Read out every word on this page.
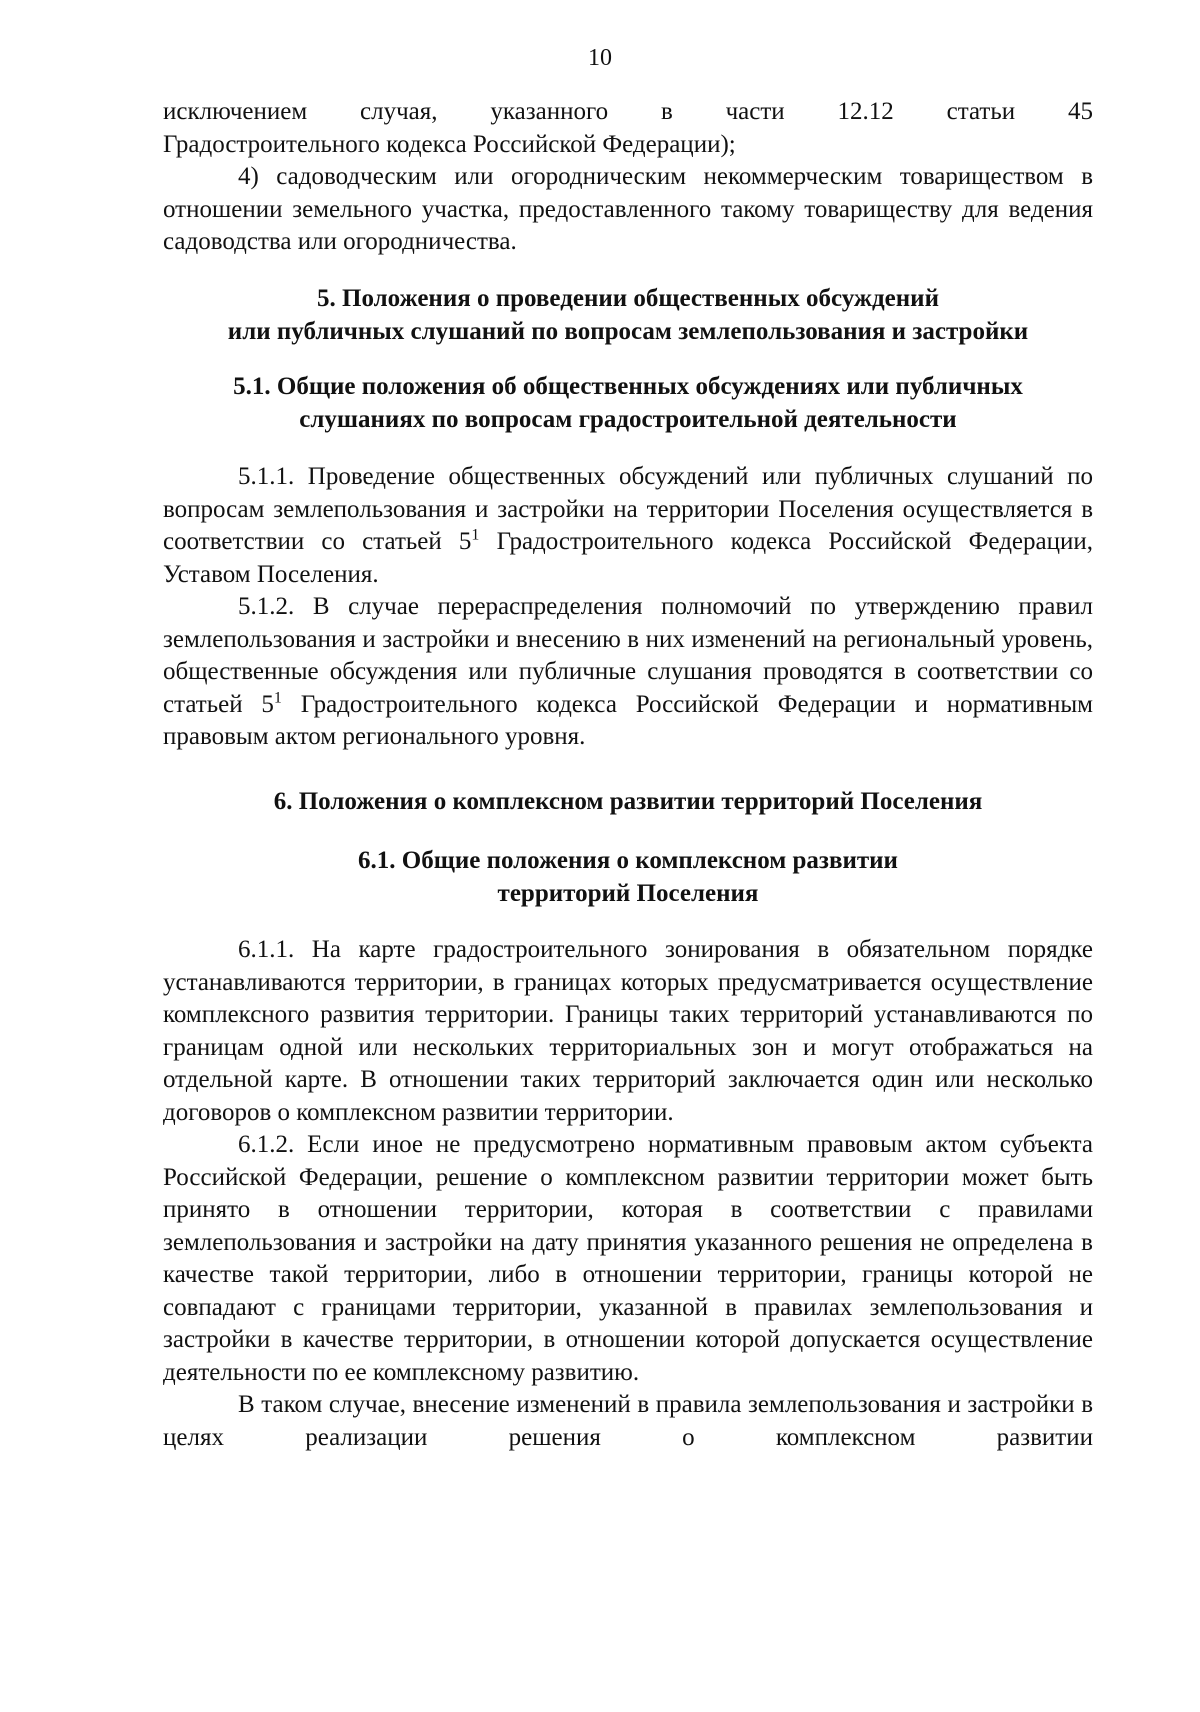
10

исключением случая, указанного в части 12.12 статьи 45

Градостроительного кодекса Российской Федерации);

4) садоводческим или огородническим некоммерческим товариществом в отношении земельного участка, предоставленного такому товариществу для ведения садоводства или огородничества.

5. Положения о проведении общественных обсуждений
или публичных слушаний по вопросам землепользования и застройки
5.1. Общие положения об общественных обсуждениях или публичных
слушаниях по вопросам градостроительной деятельности

5.1.1. Проведение общественных обсуждений или публичных слушаний по вопросам землепользования и застройки на территории Поселения осуществляется в соответствии со статьей $5^1$ Градостроительного кодекса Российской Федерации, Уставом Поселения.

5.1.2. В случае перераспределения полномочий по утверждению правил землепользования и застройки и внесению в них изменений на региональный уровень, общественные обсуждения или публичные слушания проводятся в соответствии со статьей $5^1$ Градостроительного кодекса Российской Федерации и нормативным правовым актом регионального уровня.

6. Положения о комплексном развитии территорий Поселения
6.1. Общие положения о комплексном развитии
территорий Поселения

6.1.1. На карте градостроительного зонирования в обязательном порядке устанавливаются территории, в границах которых предусматривается осуществление комплексного развития территории. Границы таких территорий устанавливаются по границам одной или нескольких территориальных зон и могут отображаться на отдельной карте. В отношении таких территорий заключается один или несколько договоров о комплексном развитии территории.

6.1.2. Если иное не предусмотрено нормативным правовым актом субъекта Российской Федерации, решение о комплексном развитии территории может быть принято в отношении территории, которая в соответствии с правилами землепользования и застройки на дату принятия указанного решения не определена в качестве такой территории, либо в отношении территории, границы которой не совпадают с границами территории, указанной в правилах землепользования и застройки в качестве территории, в отношении которой допускается осуществление деятельности по ее комплексному развитию.

В таком случае, внесение изменений в правила землепользования и застройки в целях реализации решения о комплексном развитии
